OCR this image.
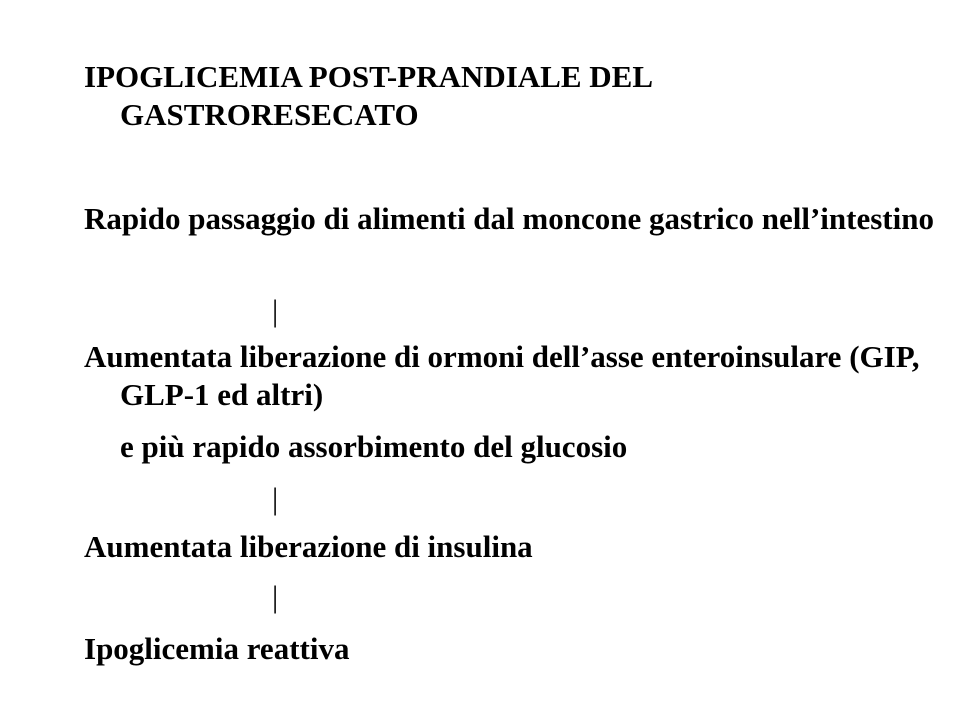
IPOGLICEMIA POST-PRANDIALE DEL GASTRORESECATO
Rapido passaggio di alimenti dal moncone gastrico nell’intestino
|
Aumentata liberazione di ormoni dell’asse enteroinsulare (GIP, GLP-1 ed altri)
e più rapido assorbimento del glucosio
|
Aumentata liberazione di insulina
|
Ipoglicemia reattiva
